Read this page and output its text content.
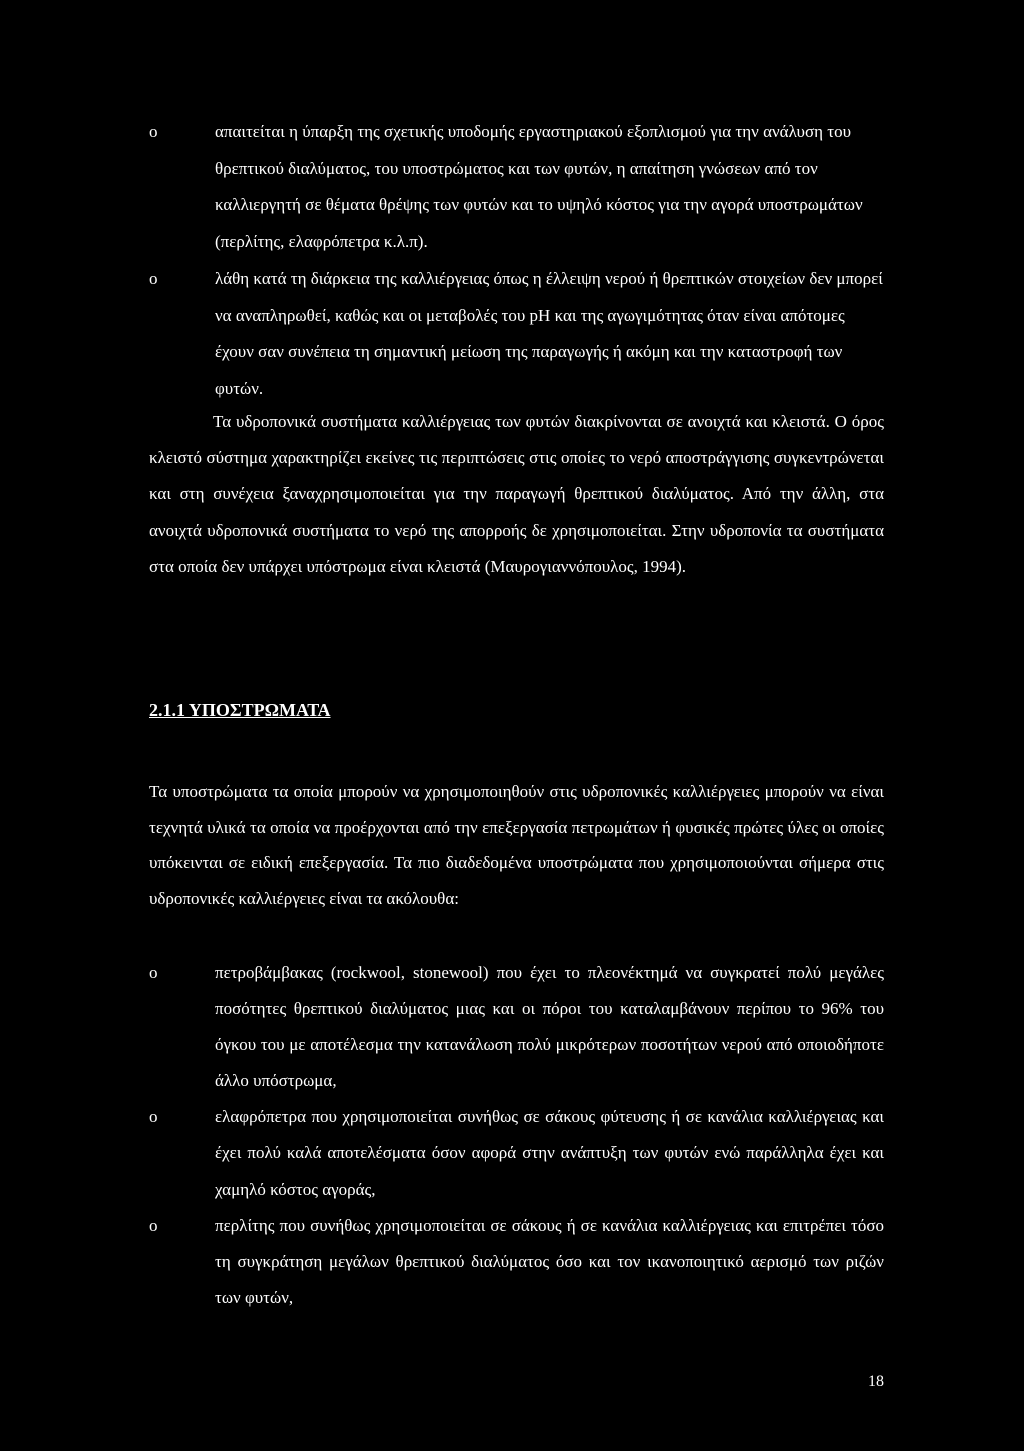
o	απαιτείται η ύπαρξη της σχετικής υποδομής εργαστηριακού εξοπλισμού για την ανάλυση του θρεπτικού διαλύματος, του υποστρώματος και των φυτών, η απαίτηση γνώσεων από τον καλλιεργητή σε θέματα θρέψης των φυτών και το υψηλό κόστος για την αγορά υποστρωμάτων (περλίτης, ελαφρόπετρα κ.λ.π).
o	λάθη κατά τη διάρκεια της καλλιέργειας όπως η έλλειψη νερού ή θρεπτικών στοιχείων δεν μπορεί να αναπληρωθεί, καθώς και οι μεταβολές του pH και της αγωγιμότητας όταν είναι απότομες έχουν σαν συνέπεια τη σημαντική μείωση της παραγωγής ή ακόμη και την καταστροφή των φυτών.

Τα υδροπονικά συστήματα καλλιέργειας των φυτών διακρίνονται σε ανοιχτά και κλειστά. Ο όρος κλειστό σύστημα χαρακτηρίζει εκείνες τις περιπτώσεις στις οποίες το νερό αποστράγγισης συγκεντρώνεται και στη συνέχεια ξαναχρησιμοποιείται για την παραγωγή θρεπτικού διαλύματος. Από την άλλη, στα ανοιχτά υδροπονικά συστήματα το νερό της απορροής δε χρησιμοποιείται. Στην υδροπονία τα συστήματα στα οποία δεν υπάρχει υπόστρωμα είναι κλειστά (Μαυρογιαννόπουλος, 1994).

2.1.1 ΥΠΟΣΤΡΩΜΑΤΑ

Τα υποστρώματα τα οποία μπορούν να χρησιμοποιηθούν στις υδροπονικές καλλιέργειες μπορούν να είναι τεχνητά υλικά τα οποία να προέρχονται από την επεξεργασία πετρωμάτων ή φυσικές πρώτες ύλες οι οποίες υπόκεινται σε ειδική επεξεργασία. Τα πιο διαδεδομένα υποστρώματα που χρησιμοποιούνται σήμερα στις υδροπονικές καλλιέργειες είναι τα ακόλουθα:

o	πετροβάμβακας (rockwool, stonewool) που έχει το πλεονέκτημά να συγκρατεί πολύ μεγάλες ποσότητες θρεπτικού διαλύματος μιας και οι πόροι του καταλαμβάνουν περίπου το 96% του όγκου του με αποτέλεσμα την κατανάλωση πολύ μικρότερων ποσοτήτων νερού από οποιοδήποτε άλλο υπόστρωμα,
o	ελαφρόπετρα που χρησιμοποιείται συνήθως σε σάκους φύτευσης ή σε κανάλια καλλιέργειας και έχει πολύ καλά αποτελέσματα όσον αφορά στην ανάπτυξη των φυτών ενώ παράλληλα έχει και χαμηλό κόστος αγοράς,
o	περλίτης που συνήθως χρησιμοποιείται σε σάκους ή σε κανάλια καλλιέργειας και επιτρέπει τόσο τη συγκράτηση μεγάλων θρεπτικού διαλύματος όσο και τον ικανοποιητικό αερισμό των ριζών των φυτών,
18
